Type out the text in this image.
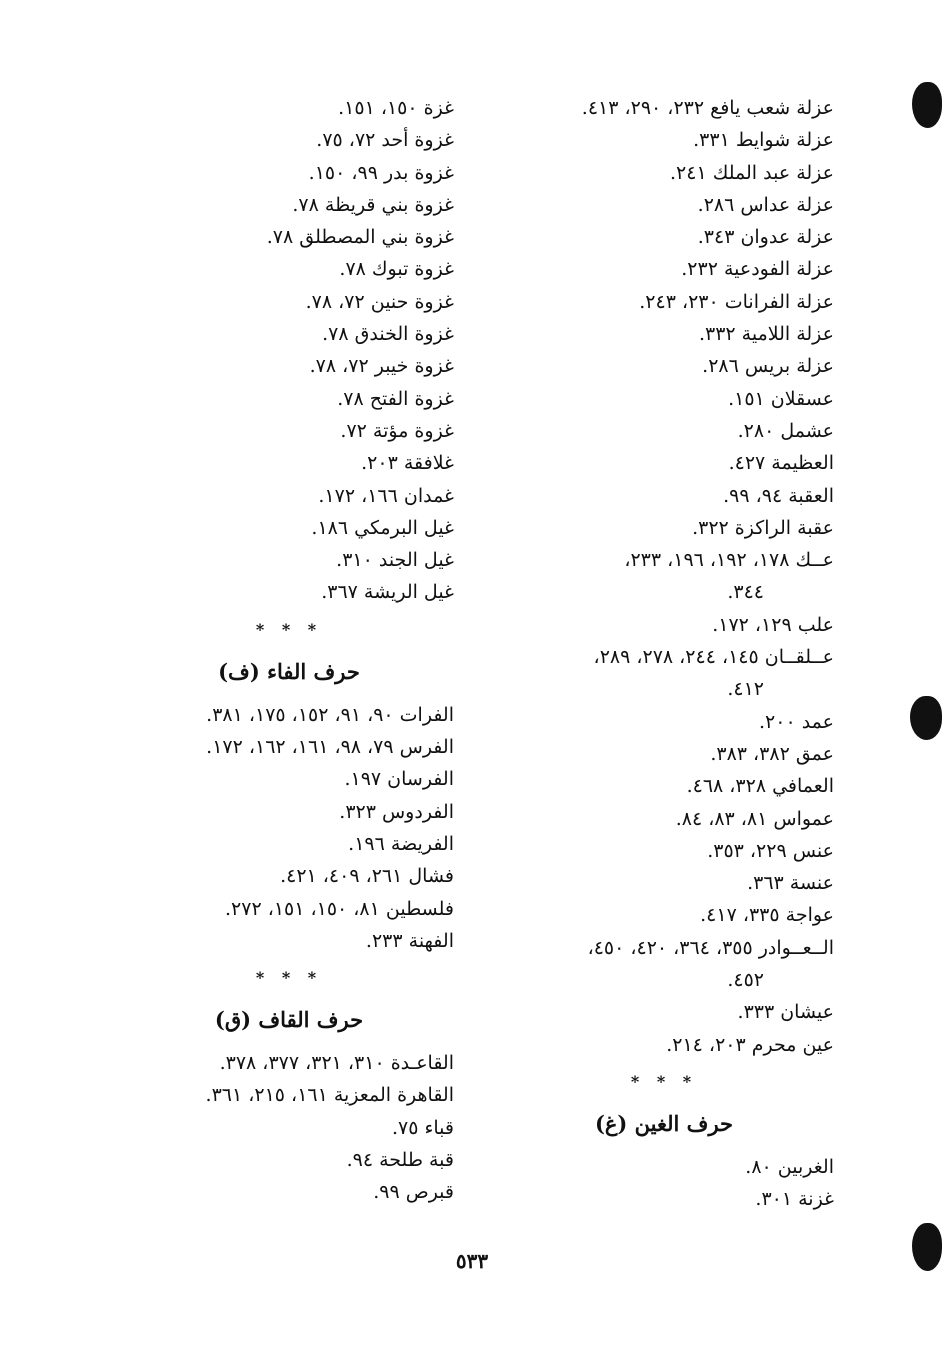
عزلة شعب يافع ٢٣٢، ٢٩٠، ٤١٣.
عزلة شوايط ٣٣١.
عزلة عبد الملك ٢٤١.
عزلة عداس ٢٨٦.
عزلة عدوان ٣٤٣.
عزلة الفودعية ٢٣٢.
عزلة الفرانات ٢٣٠، ٢٤٣.
عزلة اللامية ٣٣٢.
عزلة بريس ٢٨٦.
عسقلان ١٥١.
عشمل ٢٨٠.
العظيمة ٤٢٧.
العقبة ٩٤، ٩٩.
عقبة الراكزة ٣٢٢.
عــك ١٧٨، ١٩٢، ١٩٦، ٢٣٣،
٣٤٤.
علب ١٢٩، ١٧٢.
عــلقــان ١٤٥، ٢٤٤، ٢٧٨، ٢٨٩،
٤١٢.
عمد ٢٠٠.
عمق ٣٨٢، ٣٨٣.
العمافي ٣٢٨، ٤٦٨.
عمواس ٨١، ٨٣، ٨٤.
عنس ٢٢٩، ٣٥٣.
عنسة ٣٦٣.
عواجة ٣٣٥، ٤١٧.
الــعــوادر ٣٥٥، ٣٦٤، ٤٢٠، ٤٥٠،
٤٥٢.
عيشان ٣٣٣.
عين محرم ٢٠٣، ٢١٤.
* * *
حرف الغين (غ)
الغربين ٨٠.
غزنة ٣٠١.
غزة ١٥٠، ١٥١.
غزوة أحد ٧٢، ٧٥.
غزوة بدر ٩٩، ١٥٠.
غزوة بني قريظة ٧٨.
غزوة بني المصطلق ٧٨.
غزوة تبوك ٧٨.
غزوة حنين ٧٢، ٧٨.
غزوة الخندق ٧٨.
غزوة خيبر ٧٢، ٧٨.
غزوة الفتح ٧٨.
غزوة مؤتة ٧٢.
غلافقة ٢٠٣.
غمدان ١٦٦، ١٧٢.
غيل البرمكي ١٨٦.
غيل الجند ٣١٠.
غيل الريشة ٣٦٧.
* * *
حرف الفاء (ف)
الفرات ٩٠، ٩١، ١٥٢، ١٧٥، ٣٨١.
الفرس ٧٩، ٩٨، ١٦١، ١٦٢، ١٧٢.
الفرسان ١٩٧.
الفردوس ٣٢٣.
الفريضة ١٩٦.
فشال ٢٦١، ٤٠٩، ٤٢١.
فلسطين ٨١، ١٥٠، ١٥١، ٢٧٢.
الفهنة ٢٣٣.
* * *
حرف القاف (ق)
القاعـدة ٣١٠، ٣٢١، ٣٧٧، ٣٧٨.
القاهرة المعزية ١٦١، ٢١٥، ٣٦١.
قباء ٧٥.
قبة طلحة ٩٤.
قبرص ٩٩.
٥٣٣
